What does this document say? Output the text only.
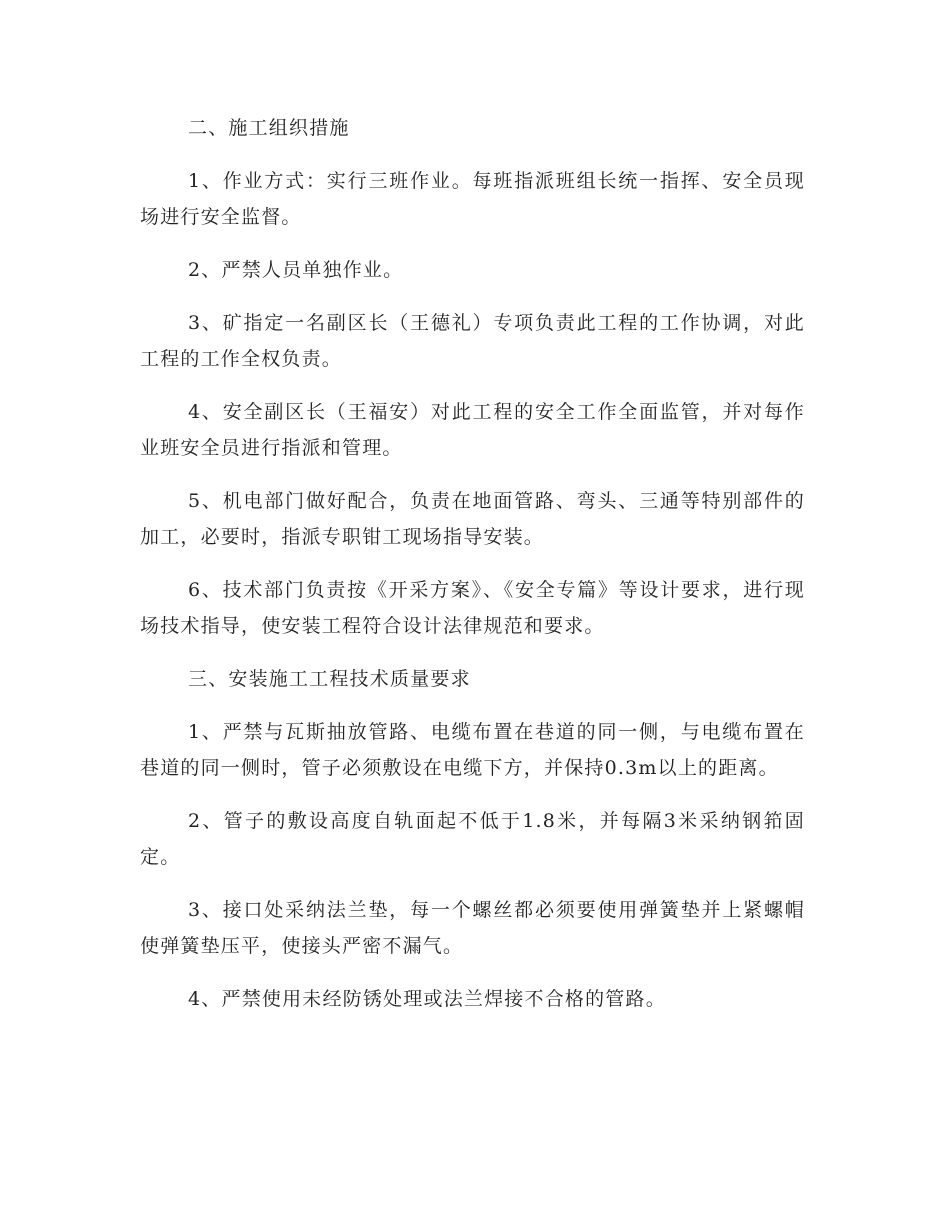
二、施工组织措施

1、作业方式：实行三班作业。每班指派班组长统一指挥、安全员现场进行安全监督。

2、严禁人员单独作业。

3、矿指定一名副区长（王德礼）专项负责此工程的工作协调，对此工程的工作全权负责。

4、安全副区长（王福安）对此工程的安全工作全面监管，并对每作业班安全员进行指派和管理。

5、机电部门做好配合，负责在地面管路、弯头、三通等特别部件的加工，必要时，指派专职钳工现场指导安装。

6、技术部门负责按《开采方案》、《安全专篇》等设计要求，进行现场技术指导，使安装工程符合设计法律规范和要求。

三、安装施工工程技术质量要求

1、严禁与瓦斯抽放管路、电缆布置在巷道的同一侧，与电缆布置在巷道的同一侧时，管子必须敷设在电缆下方，并保持0.3m以上的距离。

2、管子的敷设高度自轨面起不低于1.8米，并每隔3米采纳钢筘固定。

3、接口处采纳法兰垫，每一个螺丝都必须要使用弹簧垫并上紧螺帽使弹簧垫压平，使接头严密不漏气。

4、严禁使用未经防锈处理或法兰焊接不合格的管路。
